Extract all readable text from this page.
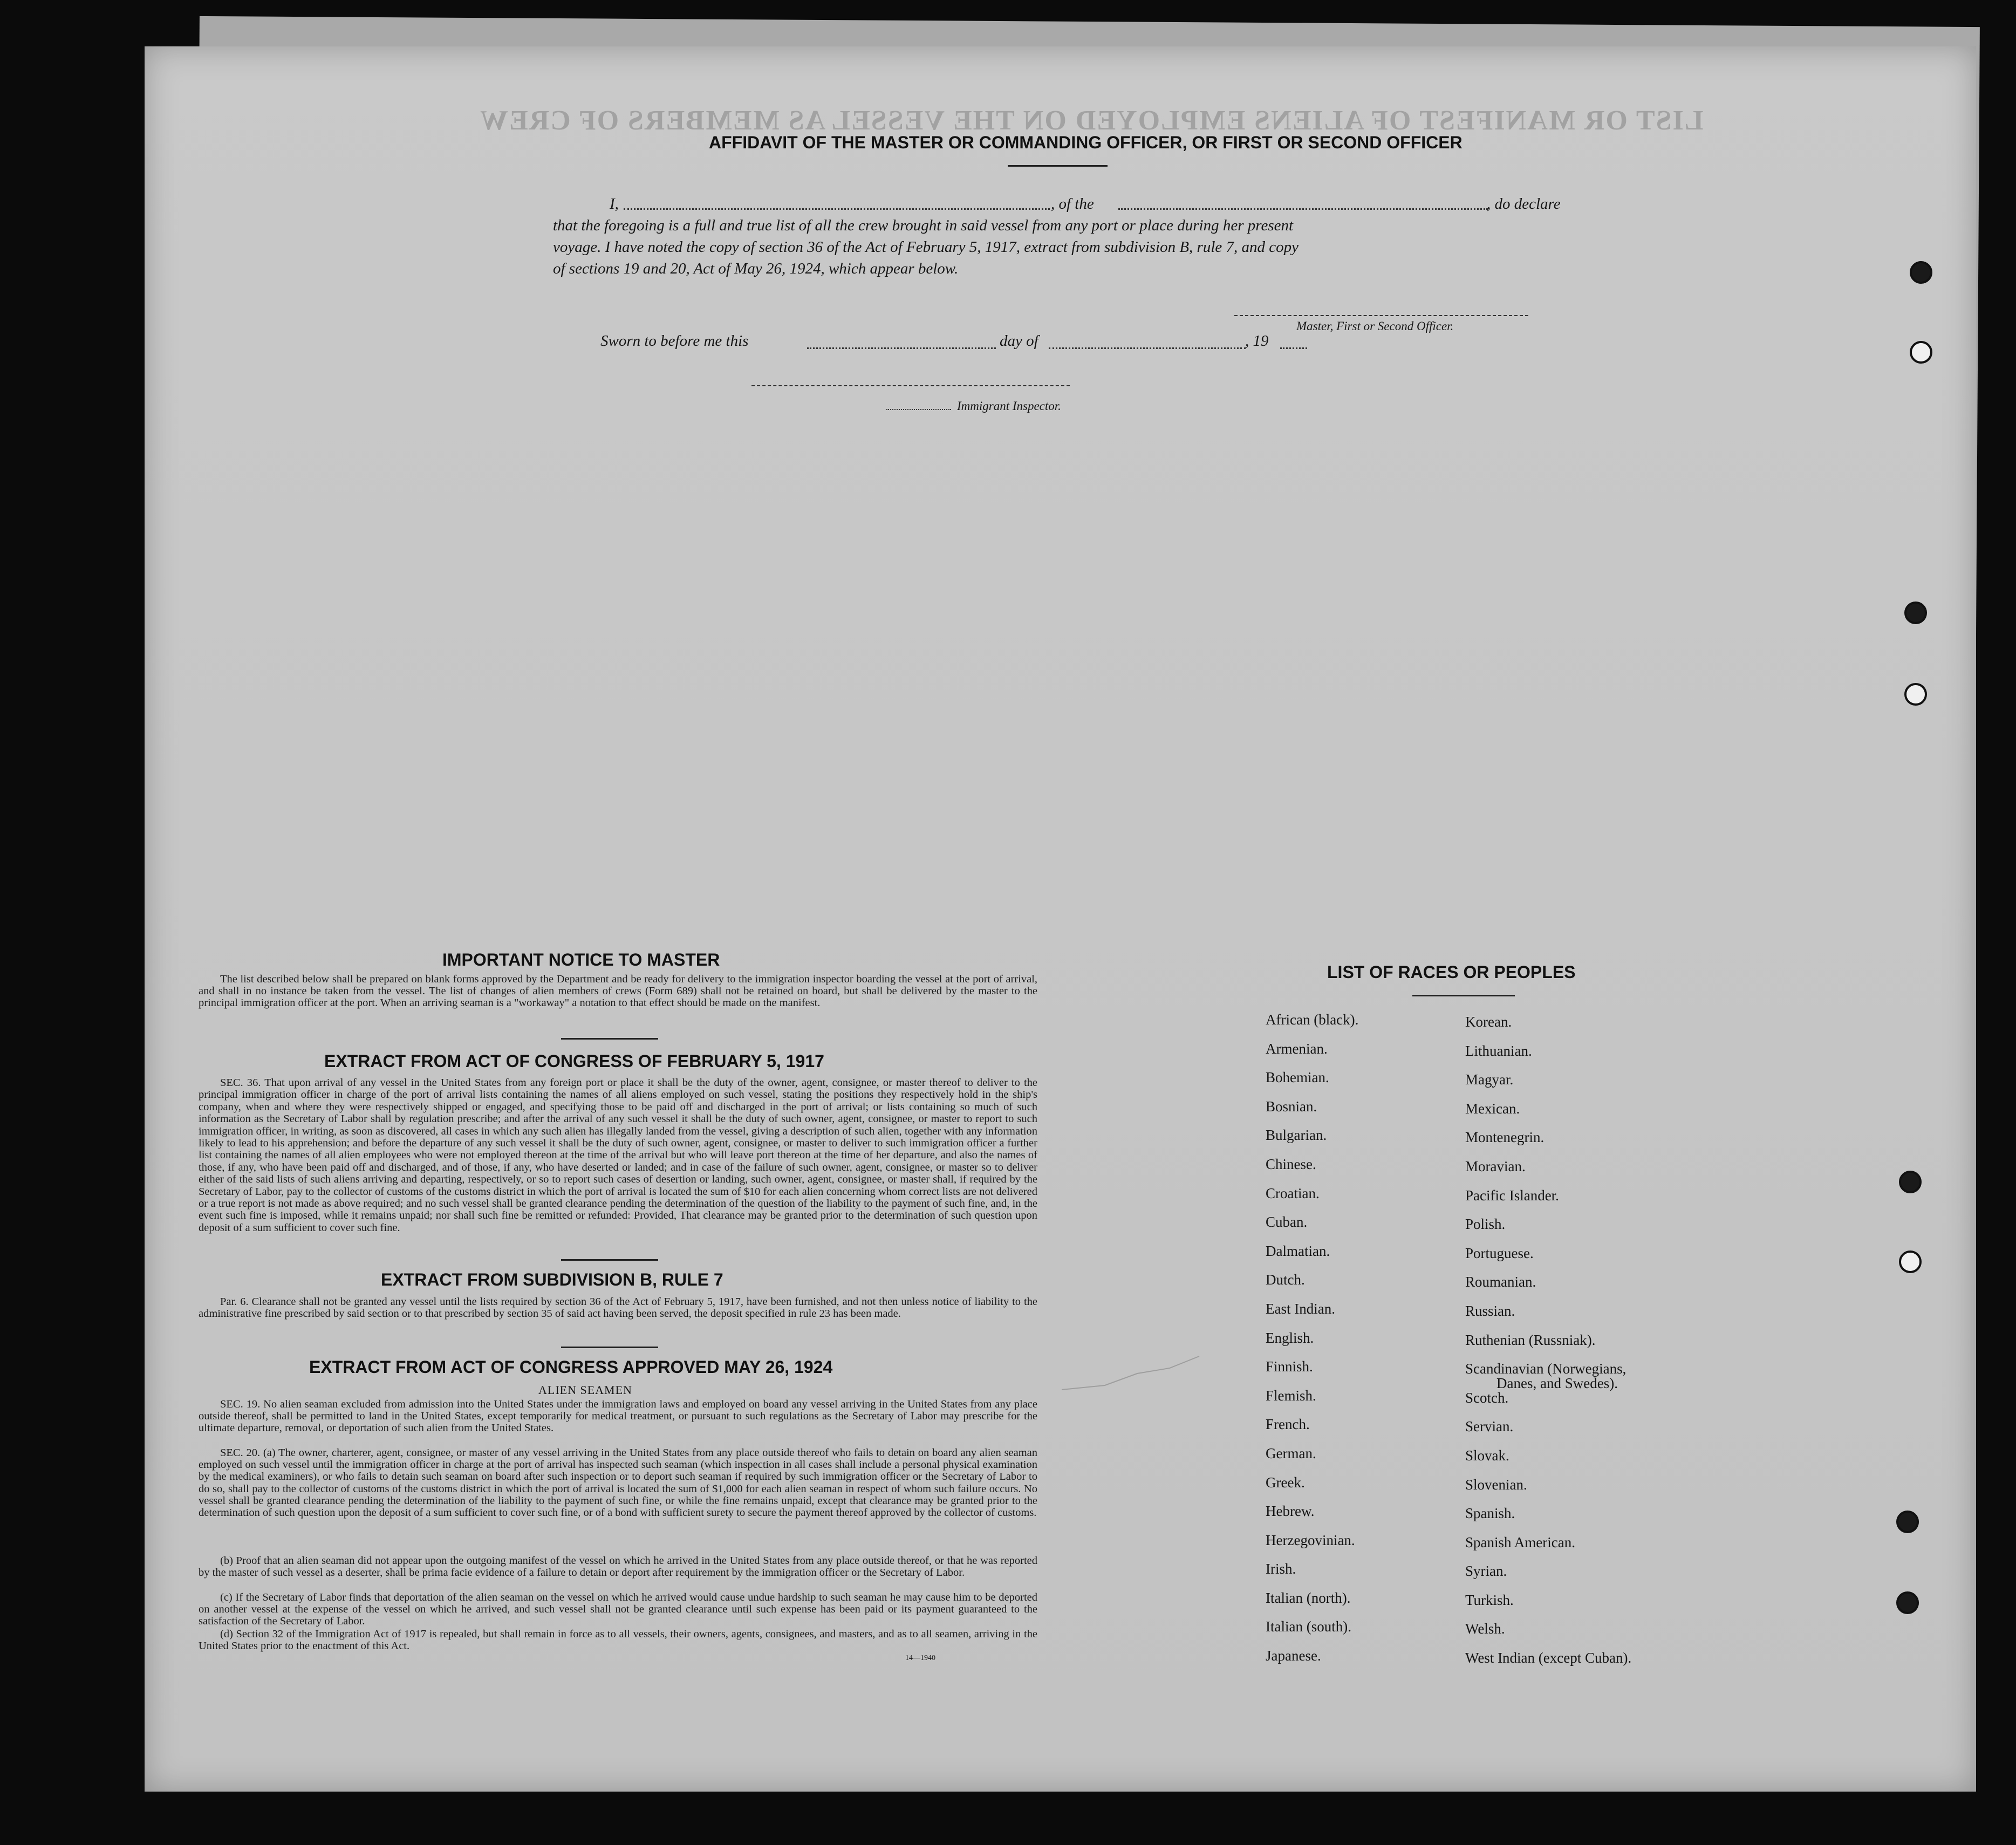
LIST OR MANIFEST OF ALIENS EMPLOYED ON THE VESSEL AS MEMBERS OF CREW
AFFIDAVIT OF THE MASTER OR COMMANDING OFFICER, OR FIRST OR SECOND OFFICER
I,	, of the	, do declare
that the foregoing is a full and true list of all the crew brought in said vessel from any port or place during her present
voyage. I have noted the copy of section 36 of the Act of February 5, 1917, extract from subdivision B, rule 7, and copy
of sections 19 and 20, Act of May 26, 1924, which appear below.
Master, First or Second Officer.
Sworn to before me this	day of	, 19
Immigrant Inspector.
IMPORTANT NOTICE TO MASTER
The list described below shall be prepared on blank forms approved by the Department and be ready for delivery to the immigration inspector boarding the vessel at the port of arrival, and shall in no instance be taken from the vessel. The list of changes of alien members of crews (Form 689) shall not be retained on board, but shall be delivered by the master to the principal immigration officer at the port. When an arriving seaman is a "workaway" a notation to that effect should be made on the manifest.
EXTRACT FROM ACT OF CONGRESS OF FEBRUARY 5, 1917
SEC. 36. That upon arrival of any vessel in the United States from any foreign port or place it shall be the duty of the owner, agent, consignee, or master thereof to deliver to the principal immigration officer in charge of the port of arrival lists containing the names of all aliens employed on such vessel, stating the positions they respectively hold in the ship's company, when and where they were respectively shipped or engaged, and specifying those to be paid off and discharged in the port of arrival; or lists containing so much of such information as the Secretary of Labor shall by regulation prescribe; and after the arrival of any such vessel it shall be the duty of such owner, agent, consignee, or master to report to such immigration officer, in writing, as soon as discovered, all cases in which any such alien has illegally landed from the vessel, giving a description of such alien, together with any information likely to lead to his apprehension; and before the departure of any such vessel it shall be the duty of such owner, agent, consignee, or master to deliver to such immigration officer a further list containing the names of all alien employees who were not employed thereon at the time of the arrival but who will leave port thereon at the time of her departure, and also the names of those, if any, who have been paid off and discharged, and of those, if any, who have deserted or landed; and in case of the failure of such owner, agent, consignee, or master so to deliver either of the said lists of such aliens arriving and departing, respectively, or so to report such cases of desertion or landing, such owner, agent, consignee, or master shall, if required by the Secretary of Labor, pay to the collector of customs of the customs district in which the port of arrival is located the sum of $10 for each alien concerning whom correct lists are not delivered or a true report is not made as above required; and no such vessel shall be granted clearance pending the determination of the question of the liability to the payment of such fine, and, in the event such fine is imposed, while it remains unpaid; nor shall such fine be remitted or refunded: Provided, That clearance may be granted prior to the determination of such question upon deposit of a sum sufficient to cover such fine.
EXTRACT FROM SUBDIVISION B, RULE 7
Par. 6. Clearance shall not be granted any vessel until the lists required by section 36 of the Act of February 5, 1917, have been furnished, and not then unless notice of liability to the administrative fine prescribed by said section or to that prescribed by section 35 of said act having been served, the deposit specified in rule 23 has been made.
EXTRACT FROM ACT OF CONGRESS APPROVED MAY 26, 1924
ALIEN SEAMEN
SEC. 19. No alien seaman excluded from admission into the United States under the immigration laws and employed on board any vessel arriving in the United States from any place outside thereof, shall be permitted to land in the United States, except temporarily for medical treatment, or pursuant to such regulations as the Secretary of Labor may prescribe for the ultimate departure, removal, or deportation of such alien from the United States.
SEC. 20. (a) The owner, charterer, agent, consignee, or master of any vessel arriving in the United States from any place outside thereof who fails to detain on board any alien seaman employed on such vessel until the immigration officer in charge at the port of arrival has inspected such seaman (which inspection in all cases shall include a personal physical examination by the medical examiners), or who fails to detain such seaman on board after such inspection or to deport such seaman if required by such immigration officer or the Secretary of Labor to do so, shall pay to the collector of customs of the customs district in which the port of arrival is located the sum of $1,000 for each alien seaman in respect of whom such failure occurs. No vessel shall be granted clearance pending the determination of the liability to the payment of such fine, or while the fine remains unpaid, except that clearance may be granted prior to the determination of such question upon the deposit of a sum sufficient to cover such fine, or of a bond with sufficient surety to secure the payment thereof approved by the collector of customs.
(b) Proof that an alien seaman did not appear upon the outgoing manifest of the vessel on which he arrived in the United States from any place outside thereof, or that he was reported by the master of such vessel as a deserter, shall be prima facie evidence of a failure to detain or deport after requirement by the immigration officer or the Secretary of Labor.
(c) If the Secretary of Labor finds that deportation of the alien seaman on the vessel on which he arrived would cause undue hardship to such seaman he may cause him to be deported on another vessel at the expense of the vessel on which he arrived, and such vessel shall not be granted clearance until such expense has been paid or its payment guaranteed to the satisfaction of the Secretary of Labor.
(d) Section 32 of the Immigration Act of 1917 is repealed, but shall remain in force as to all vessels, their owners, agents, consignees, and masters, and as to all seamen, arriving in the United States prior to the enactment of this Act.
14—1940
LIST OF RACES OR PEOPLES
African (black).
Armenian.
Bohemian.
Bosnian.
Bulgarian.
Chinese.
Croatian.
Cuban.
Dalmatian.
Dutch.
East Indian.
English.
Finnish.
Flemish.
French.
German.
Greek.
Hebrew.
Herzegovinian.
Irish.
Italian (north).
Italian (south).
Japanese.
Korean.
Lithuanian.
Magyar.
Mexican.
Montenegrin.
Moravian.
Pacific Islander.
Polish.
Portuguese.
Roumanian.
Russian.
Ruthenian (Russniak).
Scandinavian (Norwegians,
Danes, and Swedes).
Scotch.
Servian.
Slovak.
Slovenian.
Spanish.
Spanish American.
Syrian.
Turkish.
Welsh.
West Indian (except Cuban).
